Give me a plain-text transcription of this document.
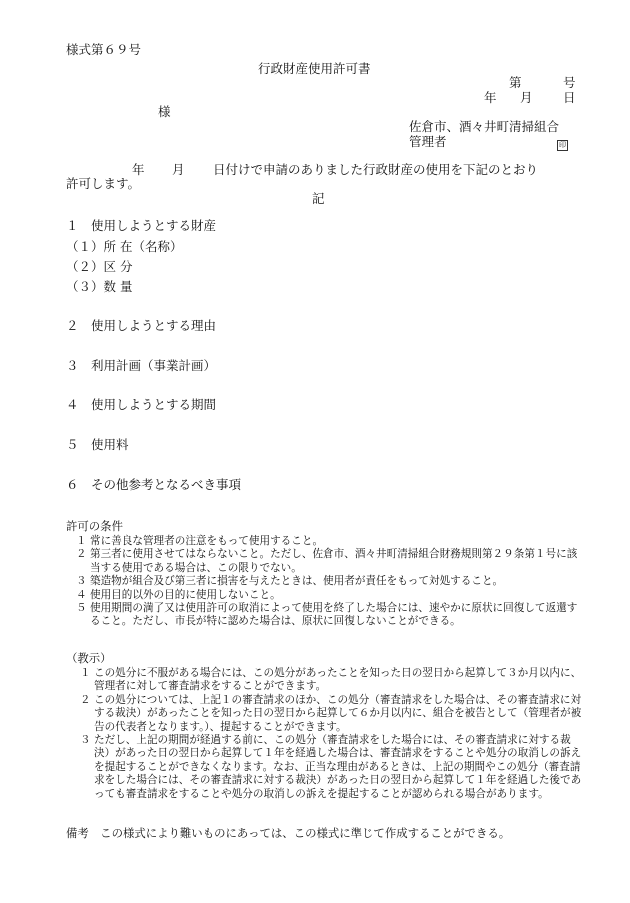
様式第６９号
行政財産使用許可書
第	号
年 月 日
様
佐倉市、酒々井町清掃組合
管理者	印
年 月 日付けで申請のありました行政財産の使用を下記のとおり
許可します。
記
１　使用しようとする財産
（１）所 在（名称）
（２）区 分
（３）数 量
２　使用しようとする理由
３　利用計画（事業計画）
４　使用しようとする期間
５　使用料
６　その他参考となるべき事項
許可の条件
１ 常に善良な管理者の注意をもって使用すること。
２ 第三者に使用させてはならないこと。ただし、佐倉市、酒々井町清掃組合財務規則第２９条第１号に該当する使用である場合は、この限りでない。
３ 築造物が組合及び第三者に損害を与えたときは、使用者が責任をもって対処すること。
４ 使用目的以外の目的に使用しないこと。
５ 使用期間の満了又は使用許可の取消によって使用を終了した場合には、速やかに原状に回復して返還すること。ただし、市長が特に認めた場合は、原状に回復しないことができる。
（教示）
１ この処分に不服がある場合には、この処分があったことを知った日の翌日から起算して３か月以内に、管理者に対して審査請求をすることができます。
２ この処分については、上記１の審査請求のほか、この処分（審査請求をした場合は、その審査請求に対する裁決）があったことを知った日の翌日から起算して６か月以内に、組合を被告として（管理者が被告の代表者となります。）、提起することができます。
３ ただし、上記の期間が経過する前に、この処分（審査請求をした場合には、その審査請求に対する裁決）があった日の翌日から起算して１年を経過した場合は、審査請求をすることや処分の取消しの訴えを提起することができなくなります。なお、正当な理由があるときは、上記の期間やこの処分（審査請求をした場合には、その審査請求に対する裁決）があった日の翌日から起算して１年を経過した後であっても審査請求をすることや処分の取消しの訴えを提起することが認められる場合があります。
備考　この様式により難いものにあっては、この様式に準じて作成することができる。
